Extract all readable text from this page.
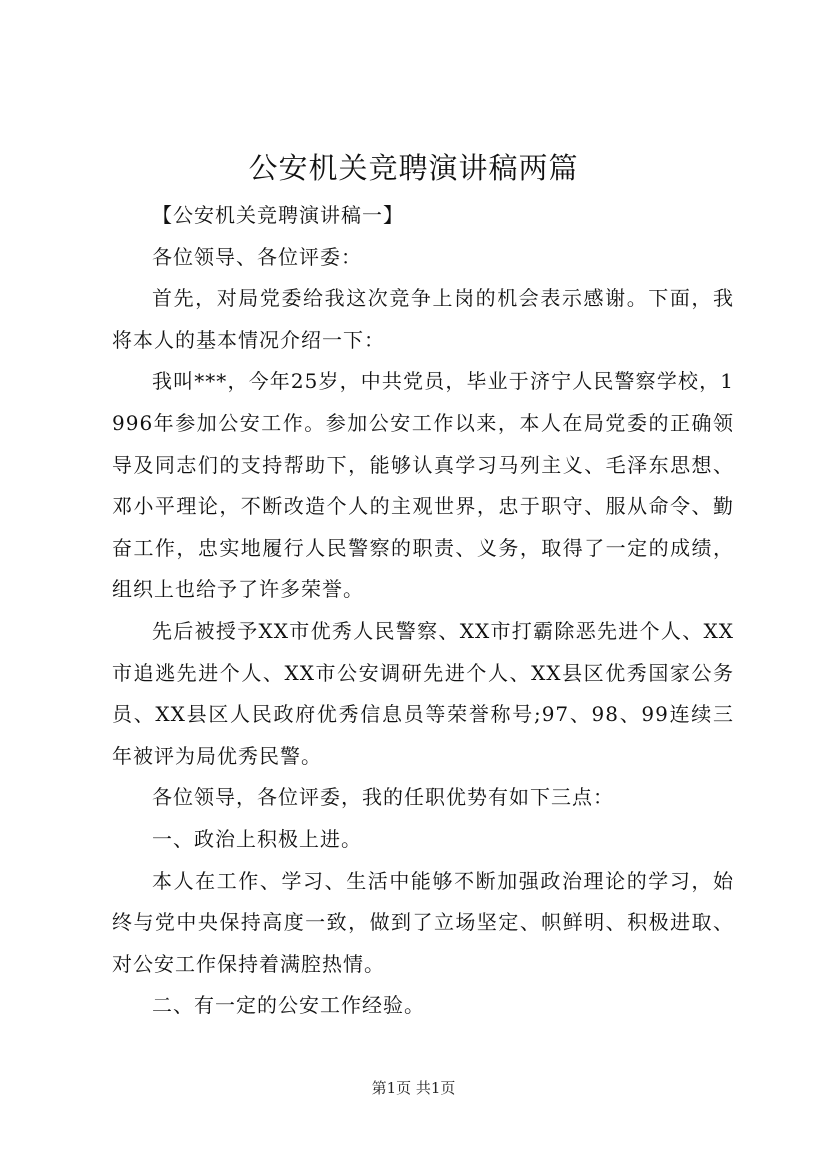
公安机关竞聘演讲稿两篇

【公安机关竞聘演讲稿一】

各位领导、各位评委：

首先，对局党委给我这次竞争上岗的机会表示感谢。下面，我将本人的基本情况介绍一下：

我叫***，今年25岁，中共党员，毕业于济宁人民警察学校，1996年参加公安工作。参加公安工作以来，本人在局党委的正确领导及同志们的支持帮助下，能够认真学习马列主义、毛泽东思想、邓小平理论，不断改造个人的主观世界，忠于职守、服从命令、勤奋工作，忠实地履行人民警察的职责、义务，取得了一定的成绩，组织上也给予了许多荣誉。

先后被授予XX市优秀人民警察、XX市打霸除恶先进个人、XX市追逃先进个人、XX市公安调研先进个人、XX县区优秀国家公务员、XX县区人民政府优秀信息员等荣誉称号;97、98、99连续三年被评为局优秀民警。

各位领导，各位评委，我的任职优势有如下三点：

一、政治上积极上进。

本人在工作、学习、生活中能够不断加强政治理论的学习，始终与党中央保持高度一致，做到了立场坚定、帜鲜明、积极进取、对公安工作保持着满腔热情。

二、有一定的公安工作经验。

第1页 共1页
